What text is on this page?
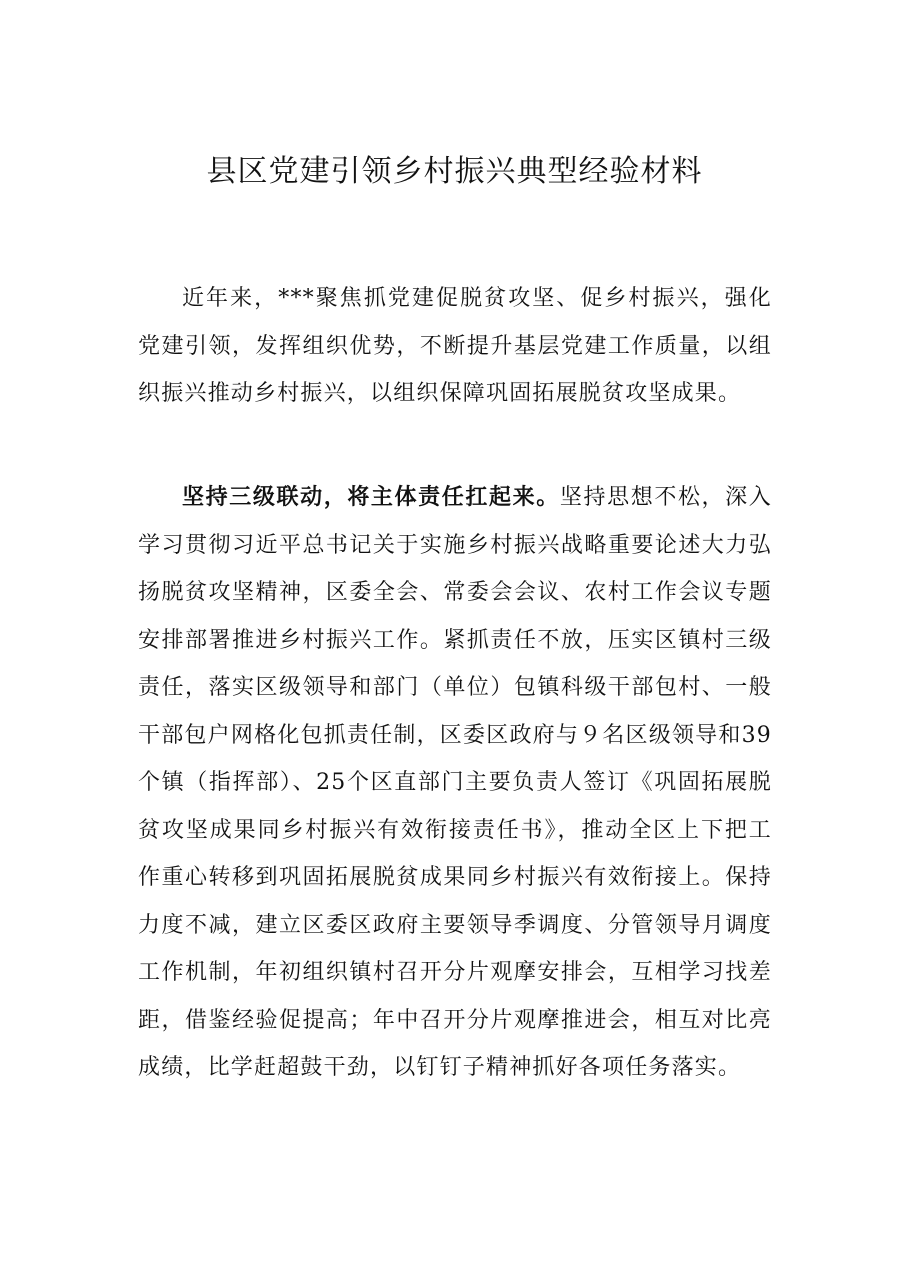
县区党建引领乡村振兴典型经验材料

近年来，***聚焦抓党建促脱贫攻坚、促乡村振兴，强化党建引领，发挥组织优势，不断提升基层党建工作质量，以组织振兴推动乡村振兴，以组织保障巩固拓展脱贫攻坚成果。

坚持三级联动，将主体责任扛起来。坚持思想不松，深入学习贯彻习近平总书记关于实施乡村振兴战略重要论述大力弘扬脱贫攻坚精神，区委全会、常委会会议、农村工作会议专题安排部署推进乡村振兴工作。紧抓责任不放，压实区镇村三级责任，落实区级领导和部门（单位）包镇科级干部包村、一般干部包户网格化包抓责任制，区委区政府与９名区级领导和39个镇（指挥部）、25个区直部门主要负责人签订《巩固拓展脱贫攻坚成果同乡村振兴有效衔接责任书》，推动全区上下把工作重心转移到巩固拓展脱贫成果同乡村振兴有效衔接上。保持力度不减，建立区委区政府主要领导季调度、分管领导月调度工作机制，年初组织镇村召开分片观摩安排会，互相学习找差距，借鉴经验促提高；年中召开分片观摩推进会，相互对比亮成绩，比学赶超鼓干劲，以钉钉子精神抓好各项任务落实。
